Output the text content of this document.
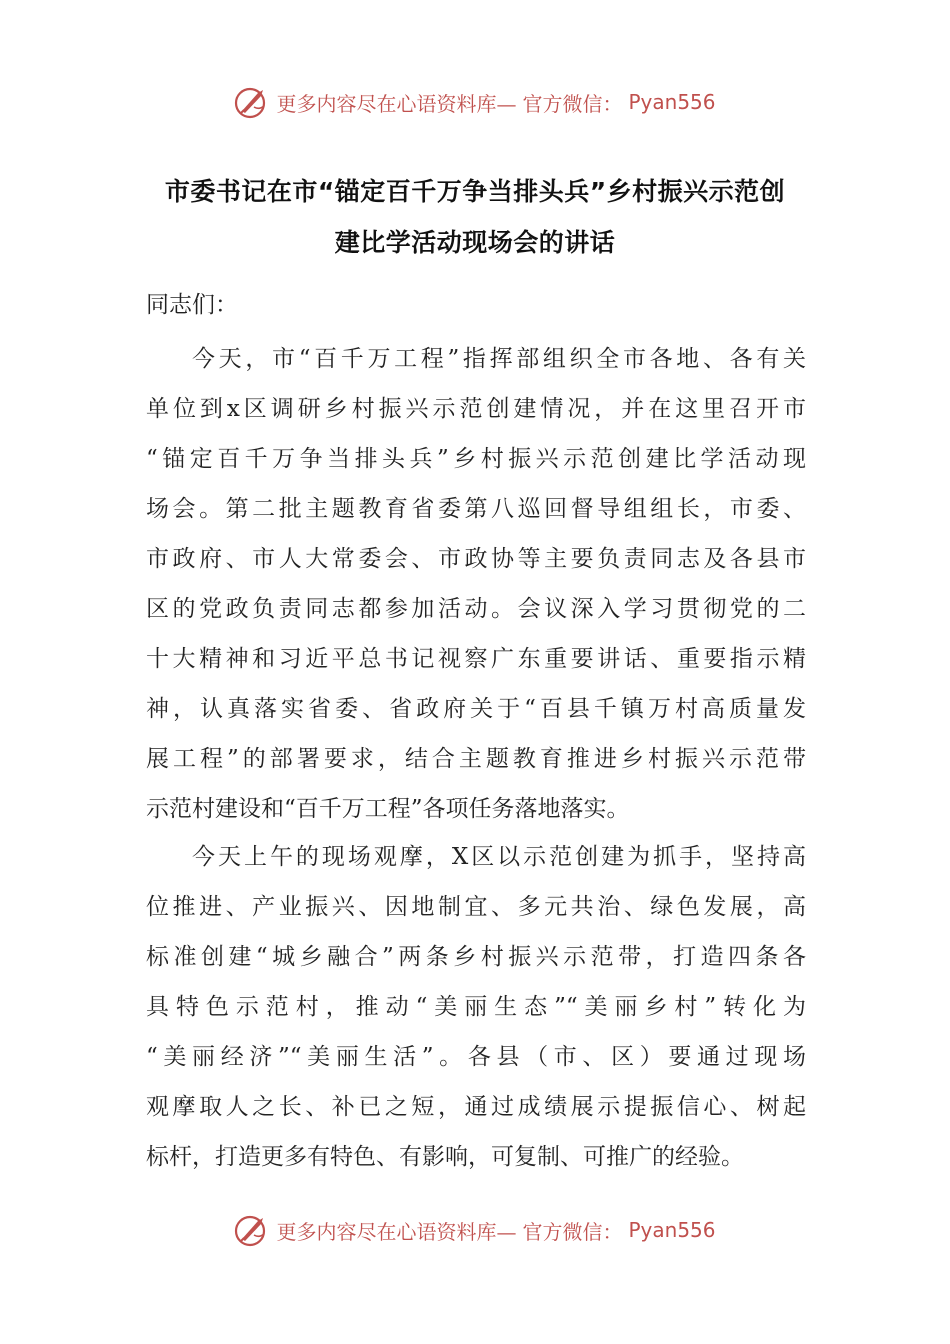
更多内容尽在心语资料库— 官方微信： Pyan556
市委书记在市“锚定百千万争当排头兵”乡村振兴示范创
建比学活动现场会的讲话
同志们：
今天，市“百千万工程”指挥部组织全市各地、各有关
单位到x区调研乡村振兴示范创建情况，并在这里召开市
“锚定百千万争当排头兵”乡村振兴示范创建比学活动现
场会。第二批主题教育省委第八巡回督导组组长，市委、
市政府、市人大常委会、市政协等主要负责同志及各县市
区的党政负责同志都参加活动。会议深入学习贯彻党的二
十大精神和习近平总书记视察广东重要讲话、重要指示精
神，认真落实省委、省政府关于“百县千镇万村高质量发
展工程”的部署要求，结合主题教育推进乡村振兴示范带
示范村建设和“百千万工程”各项任务落地落实。
今天上午的现场观摩，X区以示范创建为抓手，坚持高
位推进、产业振兴、因地制宜、多元共治、绿色发展，高
标准创建“城乡融合”两条乡村振兴示范带，打造四条各
具特色示范村，推动“美丽生态”“美丽乡村”转化为
“美丽经济”“美丽生活”。各县（市、区）要通过现场
观摩取人之长、补已之短，通过成绩展示提振信心、树起
标杆，打造更多有特色、有影响，可复制、可推广的经验。
更多内容尽在心语资料库— 官方微信： Pyan556
